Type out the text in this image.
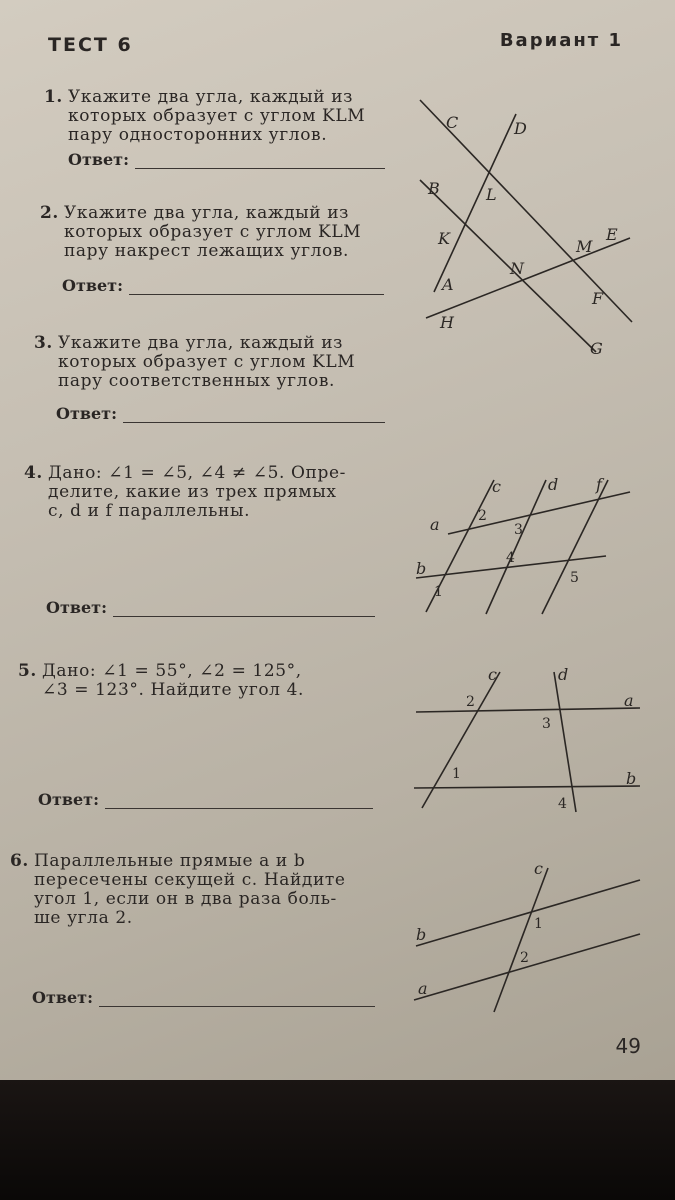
ТЕСТ 6	Вариант 1
1. Укажите два угла, каждый из
которых образует с углом KLM
пару односторонних углов.
Ответ:
2. Укажите два угла, каждый из
которых образует с углом KLM
пару накрест лежащих углов.
Ответ:
3. Укажите два угла, каждый из
которых образует с углом KLM
пару соответственных углов.
Ответ:
4. Дано: ∠1 = ∠5, ∠4 ≠ ∠5. Опре-
делите, какие из трех прямых
c, d и f параллельны.
Ответ:
5. Дано: ∠1 = 55°, ∠2 = 125°,
∠3 = 123°. Найдите угол 4.
Ответ:
6. Параллельные прямые a и b
пересечены секущей c. Найдите
угол 1, если он в два раза боль-
ше угла 2.
Ответ:
C	D
B	L
K	M
E
N
A
F
H
G
c	d f
a
b
2
3
4
1
5
c	d
a
b
2
3
1
4
c
b
a
1
2
49
